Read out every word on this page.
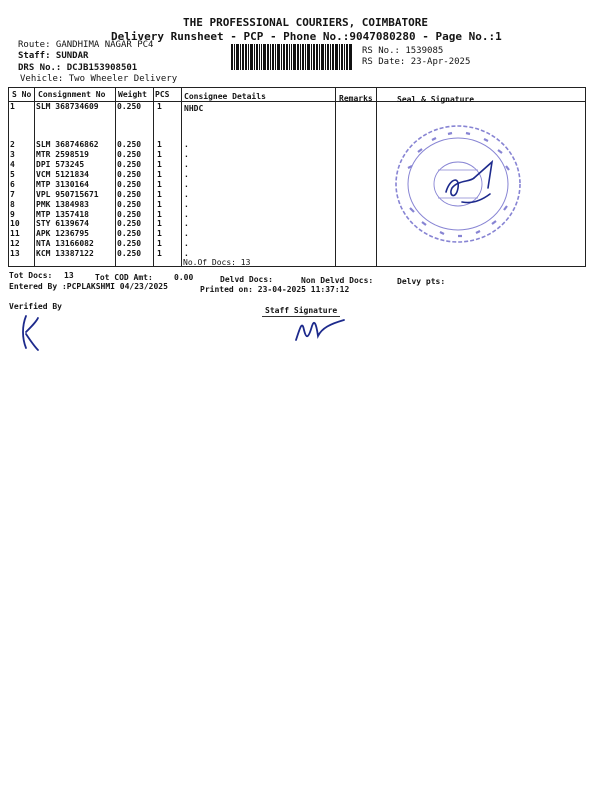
THE PROFESSIONAL COURIERS, COIMBATORE
Delivery Runsheet - PCP - Phone No.:9047080280 - Page No.:1
Route: GANDHIMA NAGAR PC4
Staff: SUNDAR
DRS No.: DCJB153908501
Vehicle: Two Wheeler Delivery
RS No.: 1539085
RS Date: 23-Apr-2025
S No Consignment No Weight PCS Consignee Details	Remarks	Seal & Signature
1	SLM 368734609 0.250 1	NHDC
2	SLM 368746862 0.250 1	.
3	MTR 2598519	0.250 1	.
4	DPI 573245	0.250 1	.
5	VCM 5121834	0.250 1	.
6	MTP 3130164	0.250 1	.
7	VPL 950715671 0.250 1	.
8	PMK 1384983	0.250 1	.
9	MTP 1357418	0.250 1	.
10 STY 6139674	0.250 1	.
11 APK 1236795	0.250 1	.
12 NTA 13166082	0.250 1	.
13 KCM 13387122	0.250 1	.
No.Of Docs: 13
Tot Docs: 13	Tot COD Amt:	0.00	Delvd Docs:	Non Delvd Docs:	Delvy pts:
Entered By :PCPLAKSHMI 04/23/2025	Printed on: 23-04-2025 11:37:12
Verified By	Staff Signature
